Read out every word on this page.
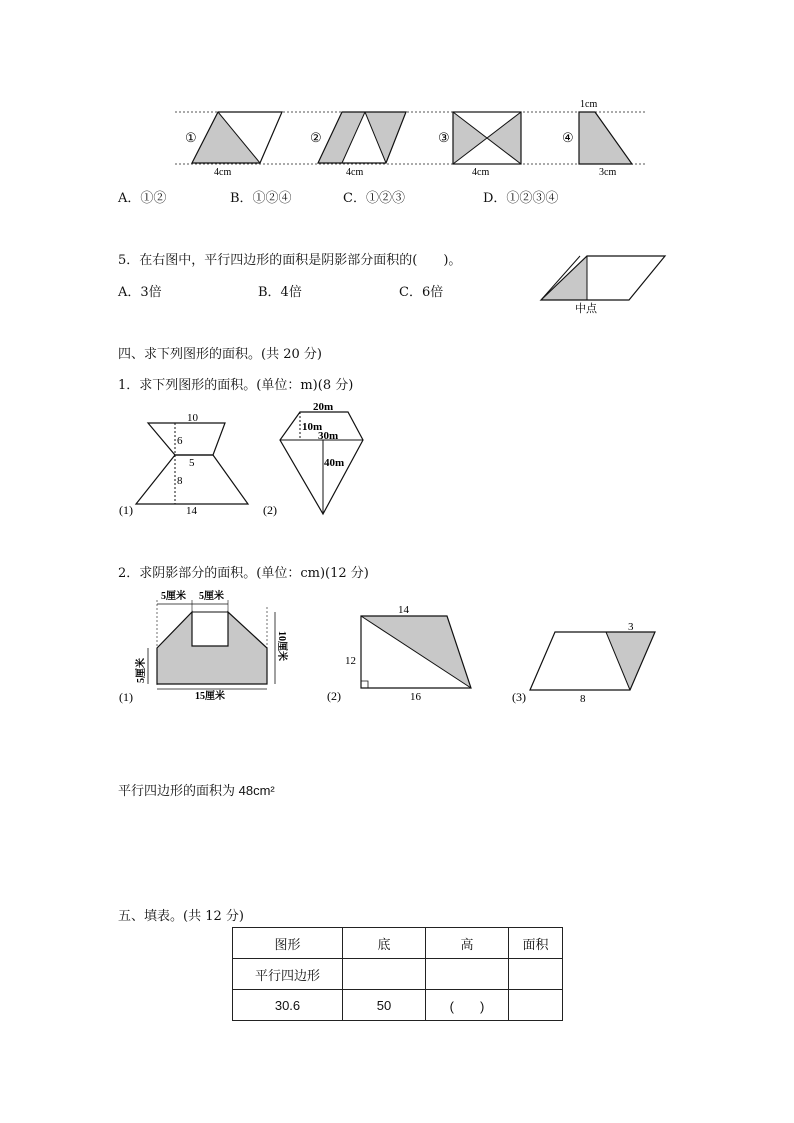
①
4cm
②
4cm
③
4cm
④
1cm
3cm
A．①②	B．①②④	C．①②③	D．①②③④
5．在右图中，平行四边形的面积是阴影部分面积的(　　)。
A．3倍	B．4倍	C．6倍
中点
四、求下列图形的面积。(共 20 分)
1．求下列图形的面积。(单位：m)(8 分)
(1)
10
6
5
8
14	(2)
20m
10m
30m
40m
2．求阴影部分的面积。(单位：cm)(12 分)
(1)
5厘米 5厘米
5厘米
10厘米
15厘米	(2)
14
12
16	(3)
3
8
平行四边形的面积为 48cm²
五、填表。(共 12 分)
图形	底	高	面积
平行四边形			
30.6	50	(　　)	
